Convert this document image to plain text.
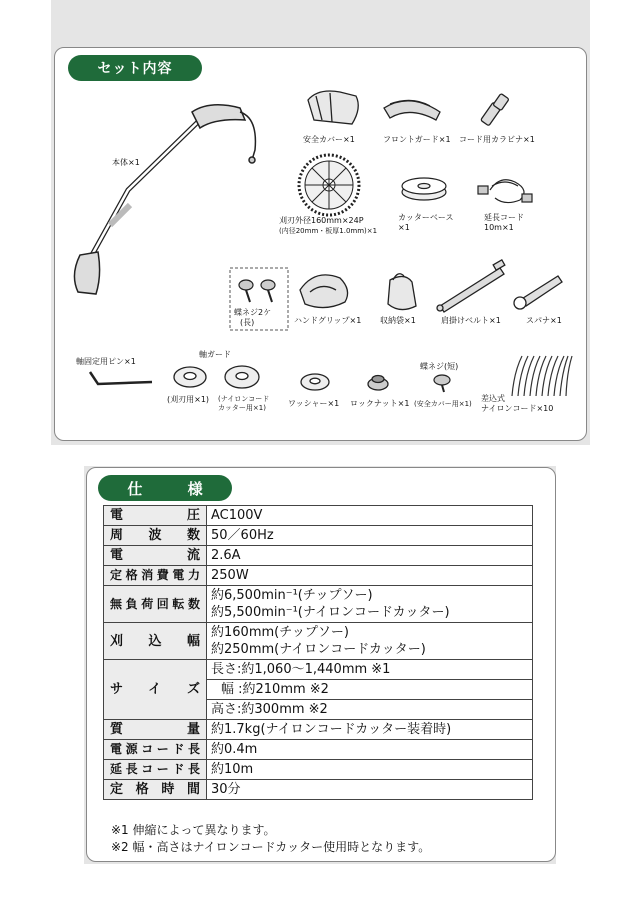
セット内容
本体×1
安全カバー×1	フロントガード×1 コード用カラビナ×1
刈刃外径160mm×24P
(内径20mm・板厚1.0mm)×1
カッターベース
×1
延長コード
10m×1
蝶ネジ2ケ
(長)	ハンドグリップ×1 収納袋×1	肩掛けベルト×1	スパナ×1
軸固定用ピン×1
軸ガード
(刈刃用×1) (ナイロンコード
カッター用×1)	ワッシャー×1 ロックナット×1
蝶ネジ(短)
(安全カバー用×1)
差込式
ナイロンコード×10
仕 様
電圧	AC100V
周波数	50／60Hz
電流	2.6A
定格消費電力	250W
無負荷回転数	約6,500min⁻¹(チップソー)
約5,500min⁻¹(ナイロンコードカッター)

刈込幅	約160mm(チップソー)
約250mm(ナイロンコードカッター)

サイズ	長さ:約1,060〜1,440mm ※1
	幅 :約210mm ※2
	高さ:約300mm ※2
質量	約1.7kg(ナイロンコードカッター装着時)
電源コード長	約0.4m
延長コード長	約10m
定格時間	30分
※1 伸縮によって異なります。
※2 幅・高さはナイロンコードカッター使用時となります。
